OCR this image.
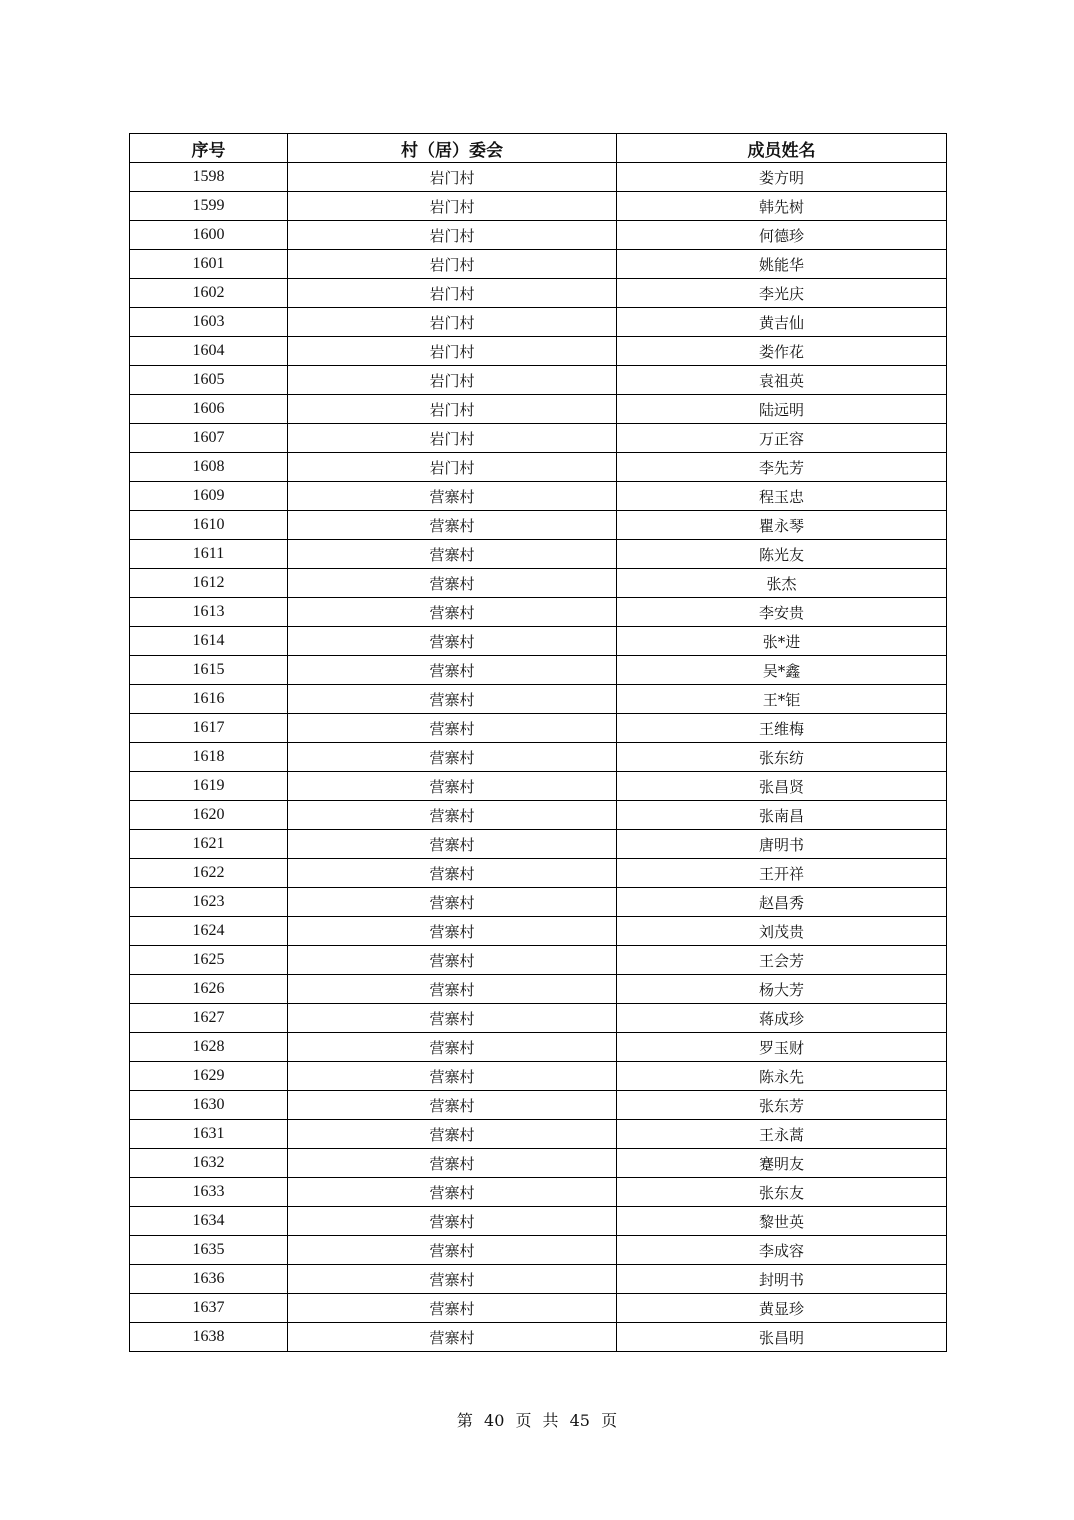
序号	村（居）委会	成员姓名
1598	岩门村	娄方明
1599	岩门村	韩先树
1600	岩门村	何德珍
1601	岩门村	姚能华
1602	岩门村	李光庆
1603	岩门村	黄吉仙
1604	岩门村	娄作花
1605	岩门村	袁祖英
1606	岩门村	陆远明
1607	岩门村	万正容
1608	岩门村	李先芳
1609	营寨村	程玉忠
1610	营寨村	瞿永琴
1611	营寨村	陈光友
1612	营寨村	张杰
1613	营寨村	李安贵
1614	营寨村	张*进
1615	营寨村	吴*鑫
1616	营寨村	王*钜
1617	营寨村	王维梅
1618	营寨村	张东纺
1619	营寨村	张昌贤
1620	营寨村	张南昌
1621	营寨村	唐明书
1622	营寨村	王开祥
1623	营寨村	赵昌秀
1624	营寨村	刘茂贵
1625	营寨村	王会芳
1626	营寨村	杨大芳
1627	营寨村	蒋成珍
1628	营寨村	罗玉财
1629	营寨村	陈永先
1630	营寨村	张东芳
1631	营寨村	王永蒿
1632	营寨村	蹇明友
1633	营寨村	张东友
1634	营寨村	黎世英
1635	营寨村	李成容
1636	营寨村	封明书
1637	营寨村	黄显珍
1638	营寨村	张昌明
第 40 页 共 45 页
